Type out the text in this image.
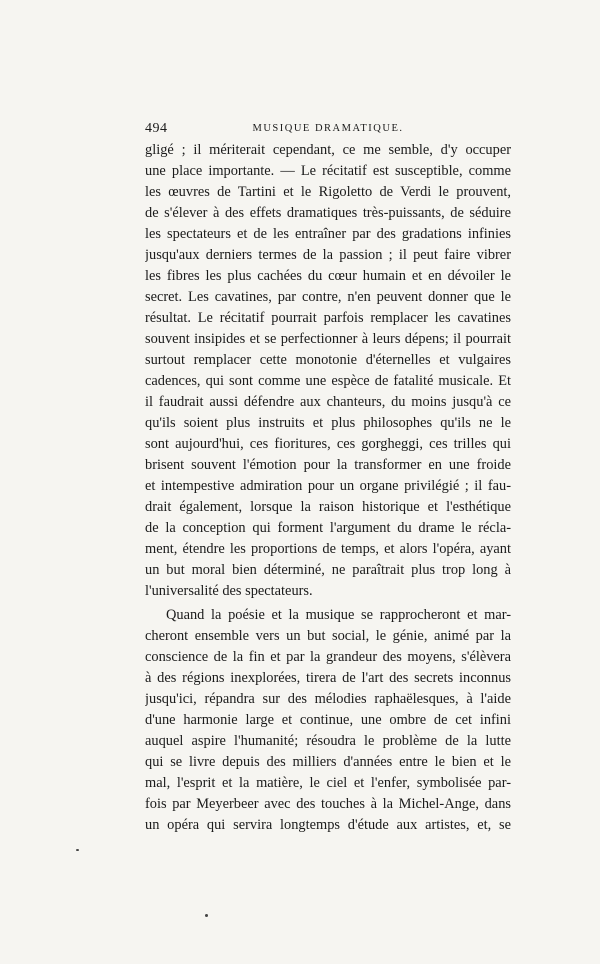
494	MUSIQUE DRAMATIQUE.
gligé ; il mériterait cependant, ce me semble, d'y occuper
une place importante. — Le récitatif est susceptible, comme
les œuvres de Tartini et le Rigoletto de Verdi le prouvent,
de s'élever à des effets dramatiques très-puissants, de séduire
les spectateurs et de les entraîner par des gradations infinies
jusqu'aux derniers termes de la passion ; il peut faire vibrer
les fibres les plus cachées du cœur humain et en dévoiler le
secret. Les cavatines, par contre, n'en peuvent donner que le
résultat. Le récitatif pourrait parfois remplacer les cavatines
souvent insipides et se perfectionner à leurs dépens; il pourrait
surtout remplacer cette monotonie d'éternelles et vulgaires
cadences, qui sont comme une espèce de fatalité musicale. Et
il faudrait aussi défendre aux chanteurs, du moins jusqu'à ce
qu'ils soient plus instruits et plus philosophes qu'ils ne le
sont aujourd'hui, ces fioritures, ces gorgheggi, ces trilles qui
brisent souvent l'émotion pour la transformer en une froide
et intempestive admiration pour un organe privilégié ; il fau-
drait également, lorsque la raison historique et l'esthétique
de la conception qui forment l'argument du drame le récla-
ment, étendre les proportions de temps, et alors l'opéra, ayant
un but moral bien déterminé, ne paraîtrait plus trop long à
l'universalité des spectateurs.
Quand la poésie et la musique se rapprocheront et mar-
cheront ensemble vers un but social, le génie, animé par la
conscience de la fin et par la grandeur des moyens, s'élèvera
à des régions inexplorées, tirera de l'art des secrets inconnus
jusqu'ici, répandra sur des mélodies raphaëlesques, à l'aide
d'une harmonie large et continue, une ombre de cet infini
auquel aspire l'humanité; résoudra le problème de la lutte
qui se livre depuis des milliers d'années entre le bien et le
mal, l'esprit et la matière, le ciel et l'enfer, symbolisée par-
fois par Meyerbeer avec des touches à la Michel-Ange, dans
un opéra qui servira longtemps d'étude aux artistes, et, se
